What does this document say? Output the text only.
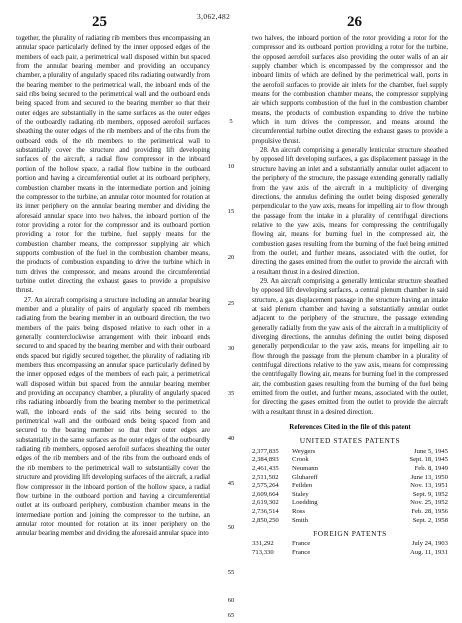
25	3,062,482	26

together, the plurality of radiating rib members thus encompassing an annular space particularly defined by the inner opposed edges of the members of each pair, a perimetrical wall disposed within but spaced from the annular bearing member and providing an occupancy chamber, a plurality of angularly spaced ribs radiating outwardly from the bearing member to the perimetrical wall, the inboard ends of the said ribs being secured to the perimetrical wall and the outboard ends being spaced from and secured to the bearing member so that their outer edges are substantially in the same surfaces as the outer edges of the outboardly radiating rib members, opposed aerofoil surfaces sheathing the outer edges of the rib members and of the ribs from the outboard ends of the rib members to the perimetrical wall to substantially cover the structure and providing lift developing surfaces of the aircraft, a radial flow compressor in the inboard portion of the hollow space, a radial flow turbine in the outboard portion and having a circumferential outlet at its outboard periphery, combustion chamber means in the intermediate portion and joining the compressor to the turbine, an annular rotor mounted for rotation at its inner periphery on the annular bearing member and dividing the aforesaid annular space into two halves, the inboard portion of the rotor providing a rotor for the compressor and its outboard portion providing a rotor for the turbine, fuel supply means for the combustion chamber means, the compressor supplying air which supports combustion of the fuel in the combustion chamber means, the products of combustion expanding to drive the turbine which in turn drives the compressor, and means around the circumferential turbine outlet directing the exhaust gases to provide a propulsive thrust.

27. An aircraft comprising a structure including an annular bearing member and a plurality of pairs of angularly spaced rib members radiating from the bearing member in an outboard direction, the two members of the pairs being disposed relative to each other in a generally counterclockwise arrangement with their inboard ends secured to and spaced by the bearing member and with their outboard ends spaced but rigidly secured together, the plurality of radiating rib members thus encompassing an annular space particularly defined by the inner opposed edges of the members of each pair, a perimetrical wall disposed within but spaced from the annular bearing member and providing an occupancy chamber, a plurality of angularly spaced ribs radiating inboardly from the bearing member to the perimetrical wall, the inboard ends of the said ribs being secured to the perimetrical wall and the outboard ends being spaced from and secured to the bearing member so that their outer edges are substantially in the same surfaces as the outer edges of the outboardly radiating rib members, opposed aerofoil surfaces sheathing the outer edges of the rib members and of the ribs from the outboard ends of the rib members to the perimetrical wall to substantially cover the structure and providing lift developing surfaces of the aircraft, a radial flow compressor in the inboard portion of the hollow space, a radial flow turbine in the outboard portion and having a circumferential outlet at its outboard periphery, combustion chamber means in the intermediate portion and joining the compressor to the turbine, an annular rotor mounted for rotation at its inner periphery on the annular bearing member and dividing the aforesaid annular space into

5
10
15
20
25
30
35
40
45
50
55
60
65

two halves, the inboard portion of the rotor providing a rotor for the compressor and its outboard portion providing a rotor for the turbine, the opposed aerofoil surfaces also providing the outer walls of an air supply chamber which is encompassed by the compressor and the inboard limits of which are defined by the perimetrical wall, ports in the aerofoil surfaces to provide air inlets for the chamber, fuel supply means for the combustion chamber means, the compressor supplying air which supports combustion of the fuel in the combustion chamber means, the products of combustion expanding to drive the turbine which in turn drives the compressor, and means around the circumferential turbine outlet directing the exhaust gases to provide a propulsive thrust.

28. An aircraft comprising a generally lenticular structure sheathed by opposed lift developing surfaces, a gas displacement passage in the structure having an inlet and a substantially annular outlet adjacent to the periphery of the structure, the passage extending generally radially from the yaw axis of the aircraft in a multiplicity of diverging directions, the annulus defining the outlet being disposed generally perpendicular to the yaw axis, means for impelling air to flow through the passage from the intake in a plurality of centrifugal directions relative to the yaw axis, means for compressing the centrifugally flowing air, means for burning fuel in the compressed air, the combustion gases resulting from the burning of the fuel being emitted from the outlet, and further means, associated with the outlet, for directing the gases emitted from the outlet to provide the aircraft with a resultant thrust in a desired direction.

29. An aircraft comprising a generally lenticular structure sheathed by opposed lift developing surfaces, a central plenum chamber in said structure, a gas displacement passage in the structure having an intake at said plenum chamber and having a substantially annular outlet adjacent to the periphery of the structure, the passage extending generally radially from the yaw axis of the aircraft in a multiplicity of diverging directions, the annulus defining the outlet being disposed generally perpendicular to the yaw axis, means for impelling air to flow through the passage from the plenum chamber in a plurality of centrifugal directions relative to the yaw axis, means for compressing the centrifugally flowing air, means for burning fuel in the compressed air, the combustion gases resulting from the burning of the fuel being emitted from the outlet, and further means, associated with the outlet, for directing the gases emitted from the outlet to provide the aircraft with a resultant thrust in a desired direction.

References Cited in the file of this patent
UNITED STATES PATENTS
2,377,835	Weygers	June 5, 1945
2,384,893	Crook	Sept. 18, 1945
2,461,435	Neumann	Feb. 8, 1949
2,511,502	Gluhareff	June 13, 1950
2,575,264	Feilden	Nov. 13, 1951
2,609,664	Staley	Sept. 9, 1952
2,619,302	Loedding	Nov. 25, 1952
2,736,514	Ross	Feb. 28, 1956
2,850,250	Smith	Sept. 2, 1958
FOREIGN PATENTS
331,292	France	July 24, 1903
713,330	France	Aug. 11, 1931
